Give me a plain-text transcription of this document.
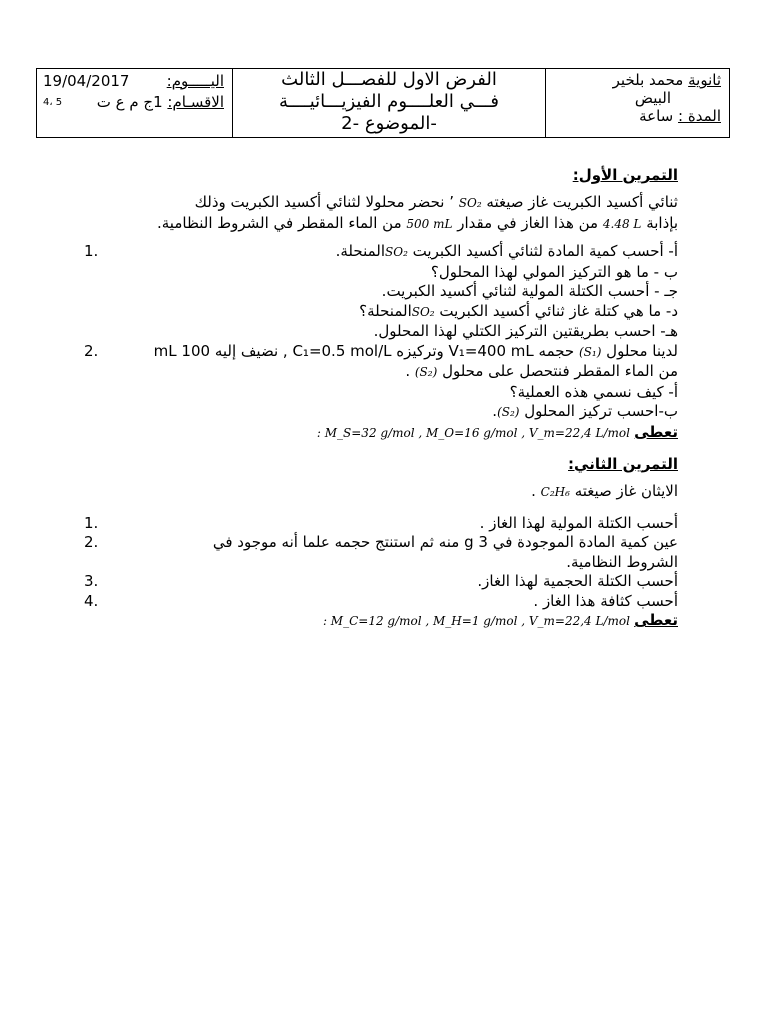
ثانوية محمد بلخير
البيض
المدة : ساعة
الفرض الاول للفصـــل الثالث
فـــي العلــــوم الفيزيـــائيــــة
-الموضوع -2
اليـــــوم:
19/04/2017
الاقسـام: 1ج م ع ت
5 ،4

التمرين الأول:

ثنائي أكسيد الكبريت غاز صيغته SO₂ ’ نحضر محلولا لثنائي أكسيد الكبريت وذلك
بإذابة 4.48 L من هذا الغاز في مقدار 500 mL من الماء المقطر في الشروط النظامية.
1.	أ- أحسب كمية المادة لثنائي أكسيد الكبريت SO₂المنحلة.
ب - ما هو التركيز المولي لهذا المحلول؟
جـ - أحسب الكتلة المولية لثنائي أكسيد الكبريت.
د- ما هي كتلة غاز ثنائي أكسيد الكبريت SO₂المنحلة؟
هـ- احسب بطريقتين التركيز الكتلي لهذا المحلول.
2.	لدينا محلول (S₁) حجمه V₁=400 mL وتركيزه C₁=0.5 mol/L , نضيف إليه 100 mL
من الماء المقطر فنتحصل على محلول (S₂) .
أ- كيف نسمي هذه العملية؟
ب-احسب تركيز المحلول (S₂).
تعطى : M_S=32 g/mol , M_O=16 g/mol , V_m=22,4 L/mol

التمرين الثاني:

الايثان غاز صيغته C₂H₆ .
1.	أحسب الكتلة المولية لهذا الغاز .
2.	عين كمية المادة الموجودة في 3 g منه ثم استنتج حجمه علما أنه موجود في
الشروط النظامية.
3.	أحسب الكتلة الحجمية لهذا الغاز.
4.	أحسب كثافة هذا الغاز .
تعطى : M_C=12 g/mol , M_H=1 g/mol , V_m=22,4 L/mol
